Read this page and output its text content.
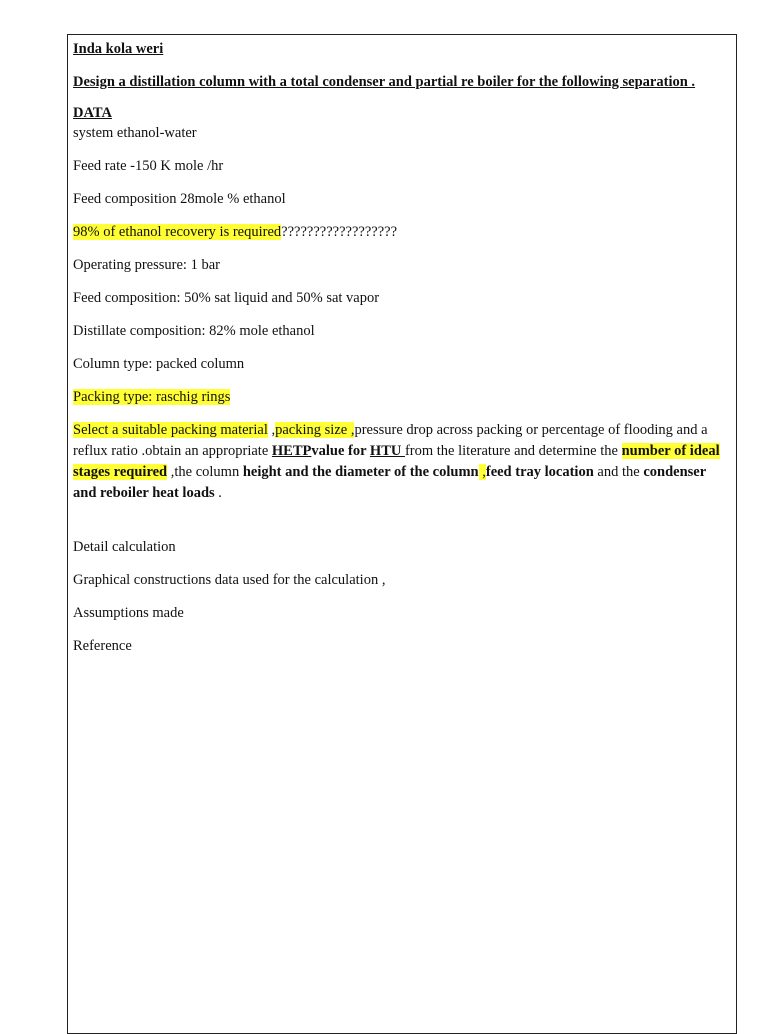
Inda kola weri

Design a distillation column with a total condenser and partial re boiler for the following separation .

DATA

system ethanol-water

Feed rate -150 K mole /hr

Feed composition 28mole % ethanol

98% of ethanol recovery is required??????????????????

Operating pressure: 1 bar

Feed composition: 50% sat liquid and 50% sat vapor

Distillate composition: 82% mole ethanol

Column type: packed column

Packing type: raschig rings

Select a suitable packing material ,packing size ,pressure drop across packing or percentage of flooding and a reflux ratio .obtain an appropriate HETPvalue for HTU from the literature and determine the number of ideal stages required ,the column height and the diameter of the column ,feed tray location and the condenser and reboiler heat loads .

Detail calculation

Graphical constructions data used for the calculation ,

Assumptions made

Reference
